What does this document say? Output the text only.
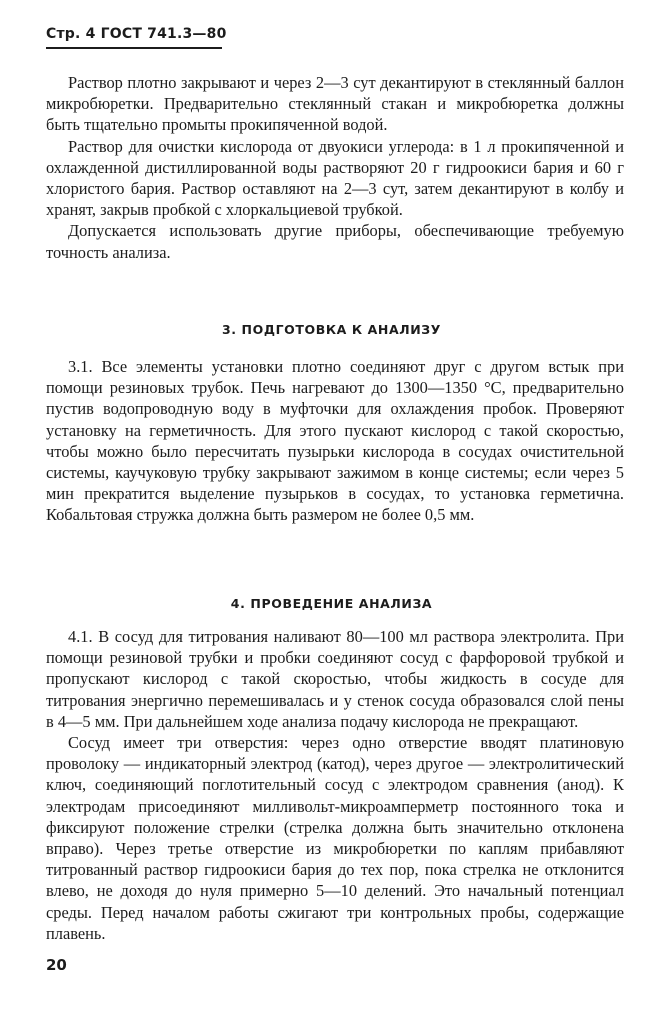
Стр. 4 ГОСТ 741.3—80

Раствор плотно закрывают и через 2—3 сут декантируют в стеклянный баллон микробюретки. Предварительно стеклянный стакан и микробюретка должны быть тщательно промыты прокипяченной водой.

Раствор для очистки кислорода от двуокиси углерода: в 1 л прокипяченной и охлажденной дистиллированной воды растворяют 20 г гидроокиси бария и 60 г хлористого бария. Раствор оставляют на 2—3 сут, затем декантируют в колбу и хранят, закрыв пробкой с хлоркальциевой трубкой.

Допускается использовать другие приборы, обеспечивающие требуемую точность анализа.

3. ПОДГОТОВКА К АНАЛИЗУ

3.1. Все элементы установки плотно соединяют друг с другом встык при помощи резиновых трубок. Печь нагревают до 1300—1350 °С, предварительно пустив водопроводную воду в муфточки для охлаждения пробок. Проверяют установку на герметичность. Для этого пускают кислород с такой скоростью, чтобы можно было пересчитать пузырьки кислорода в сосудах очистительной системы, каучуковую трубку закрывают зажимом в конце системы; если через 5 мин прекратится выделение пузырьков в сосудах, то установка герметична. Кобальтовая стружка должна быть размером не более 0,5 мм.

4. ПРОВЕДЕНИЕ АНАЛИЗА

4.1. В сосуд для титрования наливают 80—100 мл раствора электролита. При помощи резиновой трубки и пробки соединяют сосуд с фарфоровой трубкой и пропускают кислород с такой скоростью, чтобы жидкость в сосуде для титрования энергично перемешивалась и у стенок сосуда образовался слой пены в 4—5 мм. При дальнейшем ходе анализа подачу кислорода не прекращают.

Сосуд имеет три отверстия: через одно отверстие вводят платиновую проволоку — индикаторный электрод (катод), через другое — электролитический ключ, соединяющий поглотительный сосуд с электродом сравнения (анод). К электродам присоединяют милливольт-микроамперметр постоянного тока и фиксируют положение стрелки (стрелка должна быть значительно отклонена вправо). Через третье отверстие из микробюретки по каплям прибавляют титрованный раствор гидроокиси бария до тех пор, пока стрелка не отклонится влево, не доходя до нуля примерно 5—10 делений. Это начальный потенциал среды. Перед началом работы сжигают три контрольных пробы, содержащие плавень.

20
